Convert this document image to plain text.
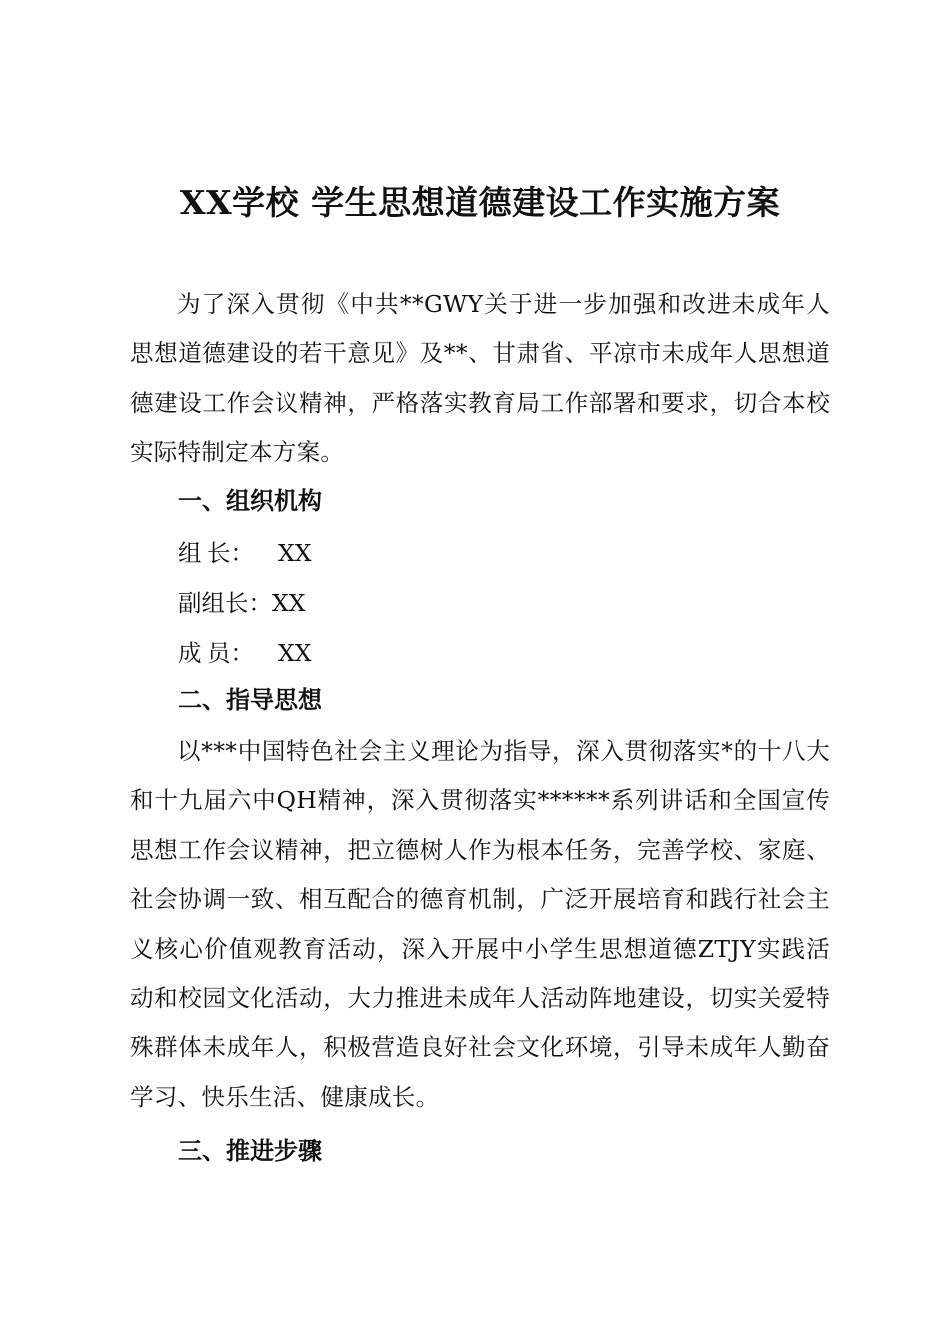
XX学校 学生思想道德建设工作实施方案
为了深入贯彻《中共**GWY关于进一步加强和改进未成年人思想道德建设的若干意见》及**、甘肃省、平凉市未成年人思想道德建设工作会议精神，严格落实教育局工作部署和要求，切合本校实际特制定本方案。
一、组织机构
组 长： XX
副组长：XX
成 员： XX
二、指导思想
以***中国特色社会主义理论为指导，深入贯彻落实*的十八大和十九届六中QH精神，深入贯彻落实******系列讲话和全国宣传思想工作会议精神，把立德树人作为根本任务，完善学校、家庭、社会协调一致、相互配合的德育机制，广泛开展培育和践行社会主义核心价值观教育活动，深入开展中小学生思想道德ZTJY实践活动和校园文化活动，大力推进未成年人活动阵地建设，切实关爱特殊群体未成年人，积极营造良好社会文化环境，引导未成年人勤奋学习、快乐生活、健康成长。
三、推进步骤
